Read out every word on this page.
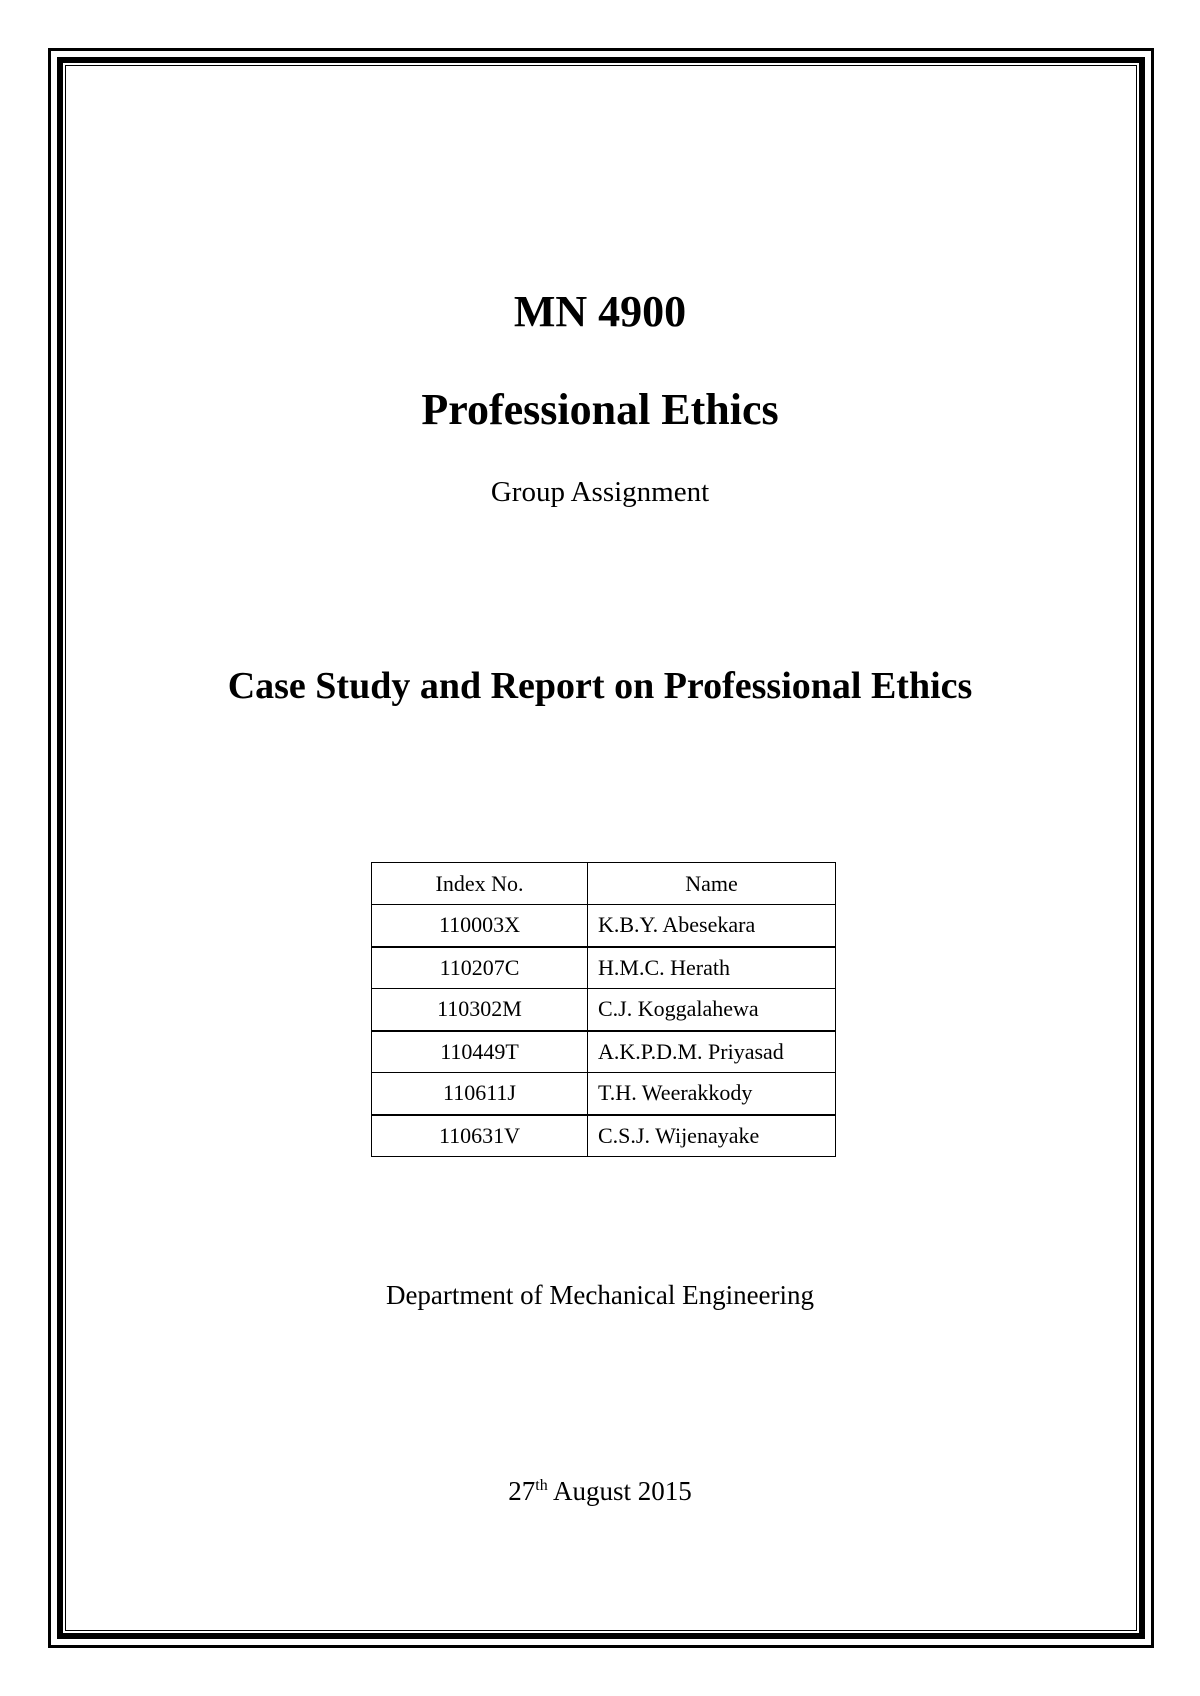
MN 4900
Professional Ethics
Group Assignment
Case Study and Report on Professional Ethics
Index No.	Name
110003X	K.B.Y. Abesekara
110207C	H.M.C. Herath
110302M	C.J. Koggalahewa
110449T	A.K.P.D.M. Priyasad
110611J	T.H. Weerakkody
110631V	C.S.J. Wijenayake
Department of Mechanical Engineering
27th August 2015
